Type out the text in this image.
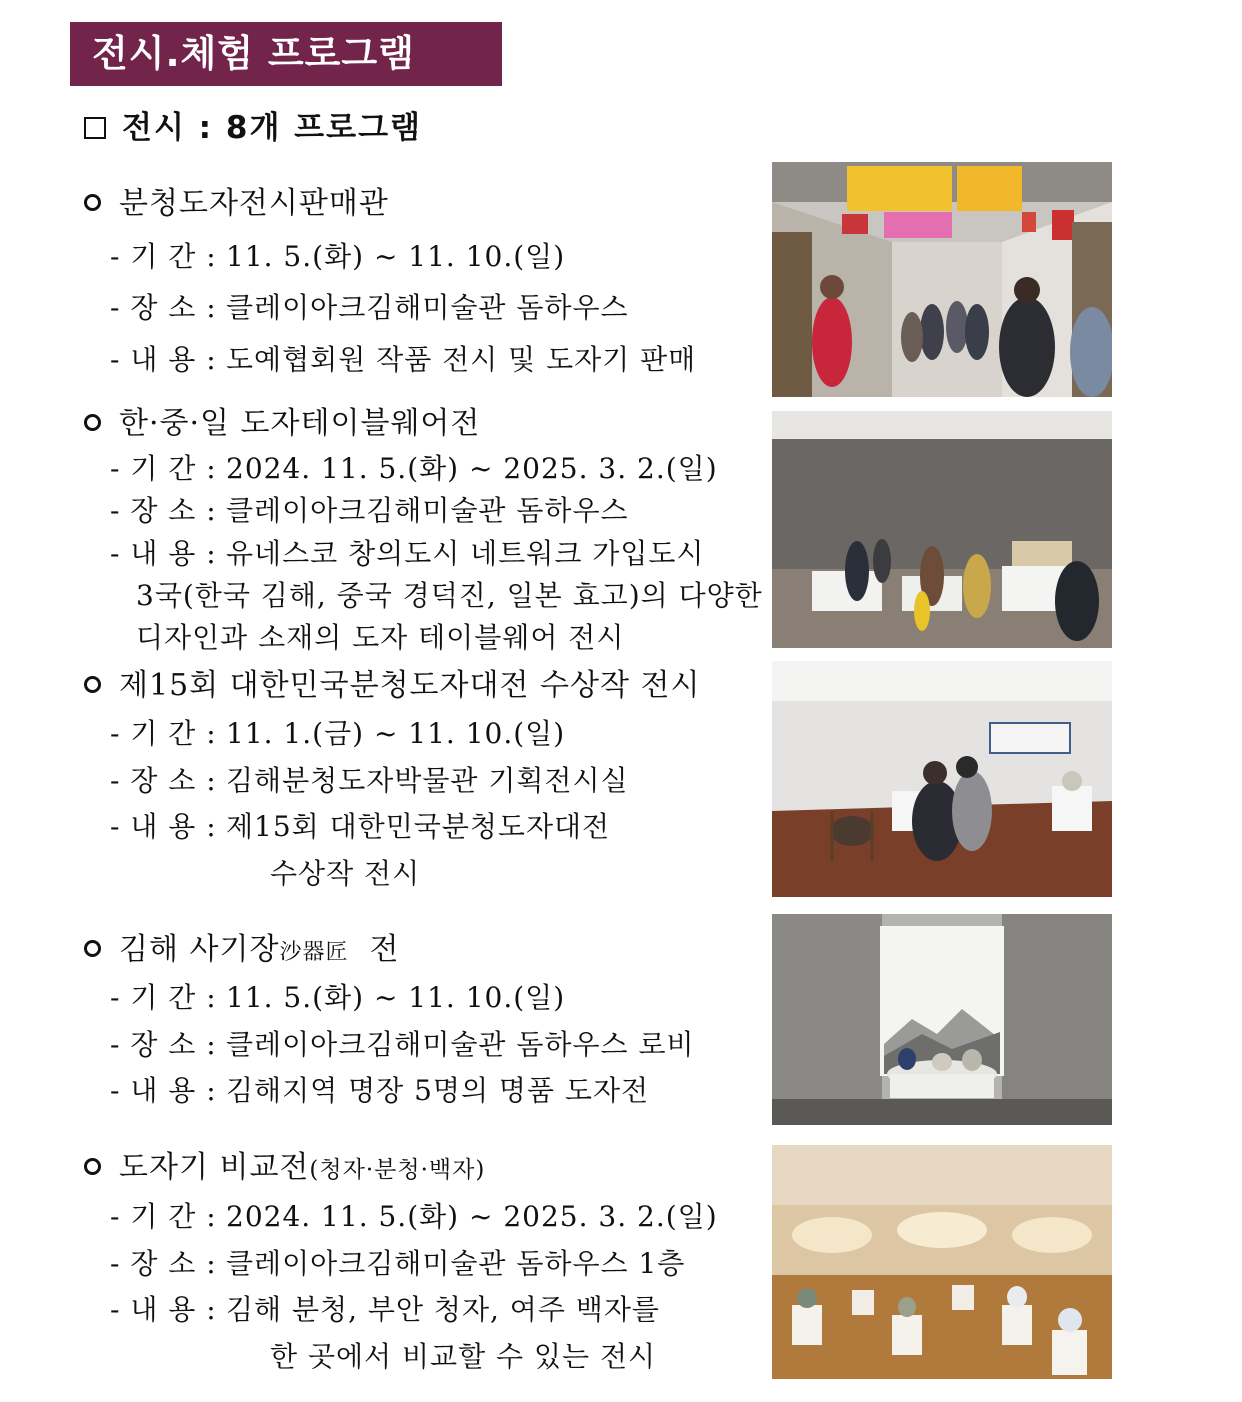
전시.체험 프로그램
전시 : 8개 프로그램
분청도자전시판매관
- 기 간 : 11. 5.(화) ~ 11. 10.(일)
- 장 소 : 클레이아크김해미술관 돔하우스
- 내 용 : 도예협회원 작품 전시 및 도자기 판매
한·중·일 도자테이블웨어전
- 기 간 : 2024. 11. 5.(화) ~ 2025. 3. 2.(일)
- 장 소 : 클레이아크김해미술관 돔하우스
- 내 용 : 유네스코 창의도시 네트워크 가입도시
3국(한국 김해, 중국 경덕진, 일본 효고)의 다양한
디자인과 소재의 도자 테이블웨어 전시
제15회 대한민국분청도자대전 수상작 전시
- 기 간 : 11. 1.(금) ~ 11. 10.(일)
- 장 소 : 김해분청도자박물관 기획전시실
- 내 용 : 제15회 대한민국분청도자대전
수상작 전시
김해 사기장沙器匠 전
- 기 간 : 11. 5.(화) ~ 11. 10.(일)
- 장 소 : 클레이아크김해미술관 돔하우스 로비
- 내 용 : 김해지역 명장 5명의 명품 도자전
도자기 비교전(청자·분청·백자)
- 기 간 : 2024. 11. 5.(화) ~ 2025. 3. 2.(일)
- 장 소 : 클레이아크김해미술관 돔하우스 1층
- 내 용 : 김해 분청, 부안 청자, 여주 백자를
한 곳에서 비교할 수 있는 전시
